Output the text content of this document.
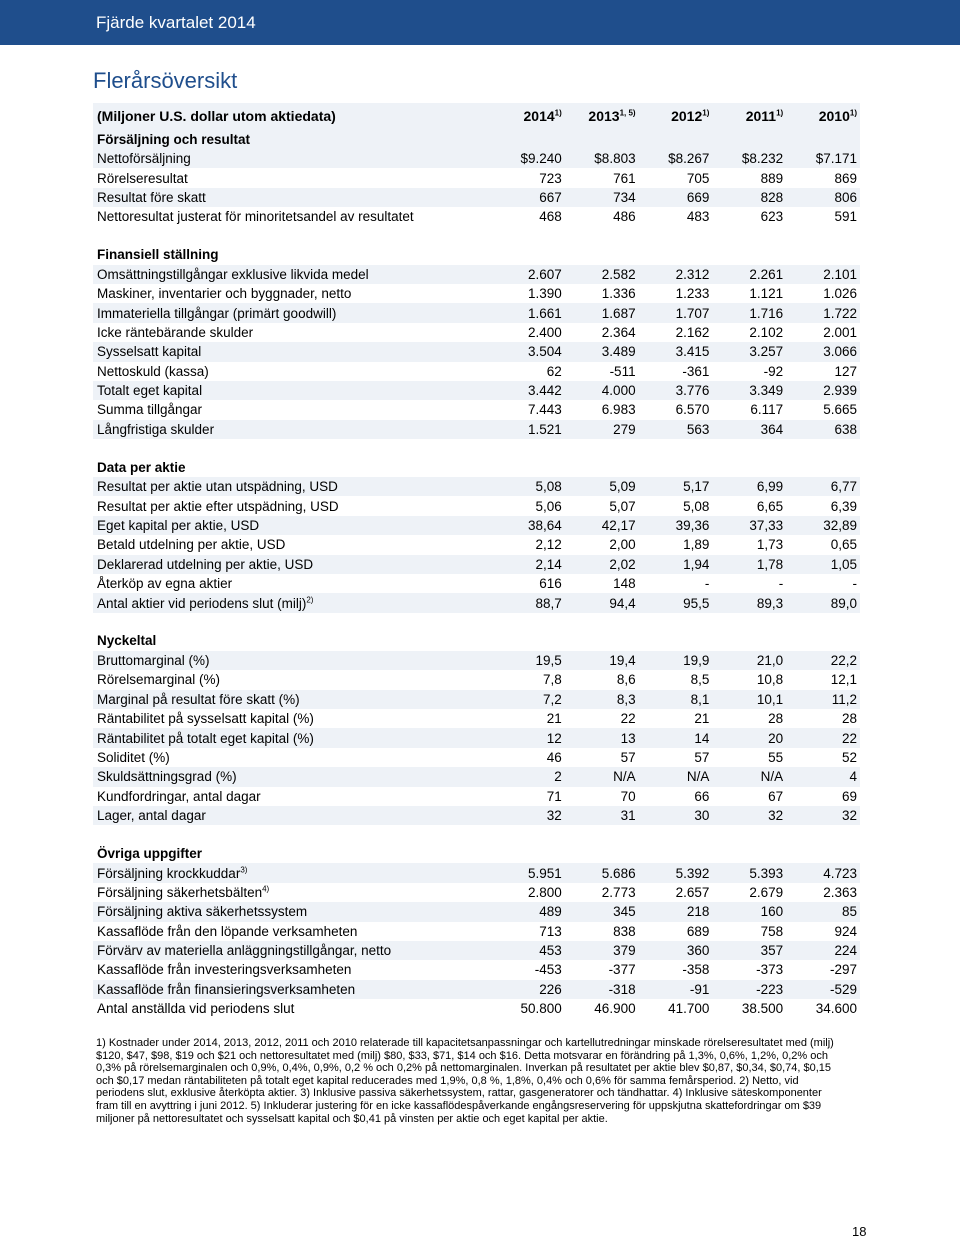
Fjärde kvartalet 2014
Flerårsöversikt
(Miljoner U.S. dollar utom aktiedata)	2014$^{1)}$	2013$^{1, 5)}$	2012$^{1)}$	2011$^{1)}$	2010$^{1)}$
Försäljning och resultat					
Nettoförsäljning	$9.240	$8.803	$8.267	$8.232	$7.171
Rörelseresultat	723	761	705	889	869
Resultat före skatt	667	734	669	828	806
Nettoresultat justerat för minoritetsandel av resultatet	468	486	483	623	591

Finansiell ställning					
Omsättningstillgångar exklusive likvida medel	2.607	2.582	2.312	2.261	2.101
Maskiner, inventarier och byggnader, netto	1.390	1.336	1.233	1.121	1.026
Immateriella tillgångar (primärt goodwill)	1.661	1.687	1.707	1.716	1.722
Icke räntebärande skulder	2.400	2.364	2.162	2.102	2.001
Sysselsatt kapital	3.504	3.489	3.415	3.257	3.066
Nettoskuld (kassa)	62	-511	-361	-92	127
Totalt eget kapital	3.442	4.000	3.776	3.349	2.939
Summa tillgångar	7.443	6.983	6.570	6.117	5.665
Långfristiga skulder	1.521	279	563	364	638

Data per aktie					
Resultat per aktie utan utspädning, USD	5,08	5,09	5,17	6,99	6,77
Resultat per aktie efter utspädning, USD	5,06	5,07	5,08	6,65	6,39
Eget kapital per aktie, USD	38,64	42,17	39,36	37,33	32,89
Betald utdelning per aktie, USD	2,12	2,00	1,89	1,73	0,65
Deklarerad utdelning per aktie, USD	2,14	2,02	1,94	1,78	1,05
Återköp av egna aktier	616	148	-	-	-
Antal aktier vid periodens slut (milj)$^{2)}$	88,7	94,4	95,5	89,3	89,0

Nyckeltal					
Bruttomarginal (%)	19,5	19,4	19,9	21,0	22,2
Rörelsemarginal (%)	7,8	8,6	8,5	10,8	12,1
Marginal på resultat före skatt (%)	7,2	8,3	8,1	10,1	11,2
Räntabilitet på sysselsatt kapital (%)	21	22	21	28	28
Räntabilitet på totalt eget kapital (%)	12	13	14	20	22
Soliditet (%)	46	57	57	55	52
Skuldsättningsgrad (%)	2	N/A	N/A	N/A	4
Kundfordringar, antal dagar	71	70	66	67	69
Lager, antal dagar	32	31	30	32	32

Övriga uppgifter					
Försäljning krockkuddar$^{3)}$	5.951	5.686	5.392	5.393	4.723
Försäljning säkerhetsbälten$^{4)}$	2.800	2.773	2.657	2.679	2.363
Försäljning aktiva säkerhetssystem	489	345	218	160	85
Kassaflöde från den löpande verksamheten	713	838	689	758	924
Förvärv av materiella anläggningstillgångar, netto	453	379	360	357	224
Kassaflöde från investeringsverksamheten	-453	-377	-358	-373	-297
Kassaflöde från finansieringsverksamheten	226	-318	-91	-223	-529
Antal anställda vid periodens slut	50.800	46.900	41.700	38.500	34.600
1) Kostnader under 2014, 2013, 2012, 2011 och 2010 relaterade till kapacitetsanpassningar och kartellutredningar minskade rörelseresultatet med (milj) $120, $47, $98, $19 och $21 och nettoresultatet med (milj) $80, $33, $71, $14 och $16. Detta motsvarar en förändring på 1,3%, 0,6%, 1,2%, 0,2% och 0,3% på rörelsemarginalen och 0,9%, 0,4%, 0,9%, 0,2 % och 0,2% på nettomarginalen. Inverkan på resultatet per aktie blev $0,87, $0,34, $0,74, $0,15 och $0,17 medan räntabiliteten på totalt eget kapital reducerades med 1,9%, 0,8 %, 1,8%, 0,4% och 0,6% för samma femårsperiod. 2) Netto, vid periodens slut, exklusive återköpta aktier. 3) Inklusive passiva säkerhetssystem, rattar, gasgeneratorer och tändhattar. 4) Inklusive säteskomponenter fram till en avyttring i juni 2012. 5) Inkluderar justering för en icke kassaflödespåverkande engångsreservering för uppskjutna skattefordringar om $39 miljoner på nettoresultatet och sysselsatt kapital och $0,41 på vinsten per aktie och eget kapital per aktie.
18
